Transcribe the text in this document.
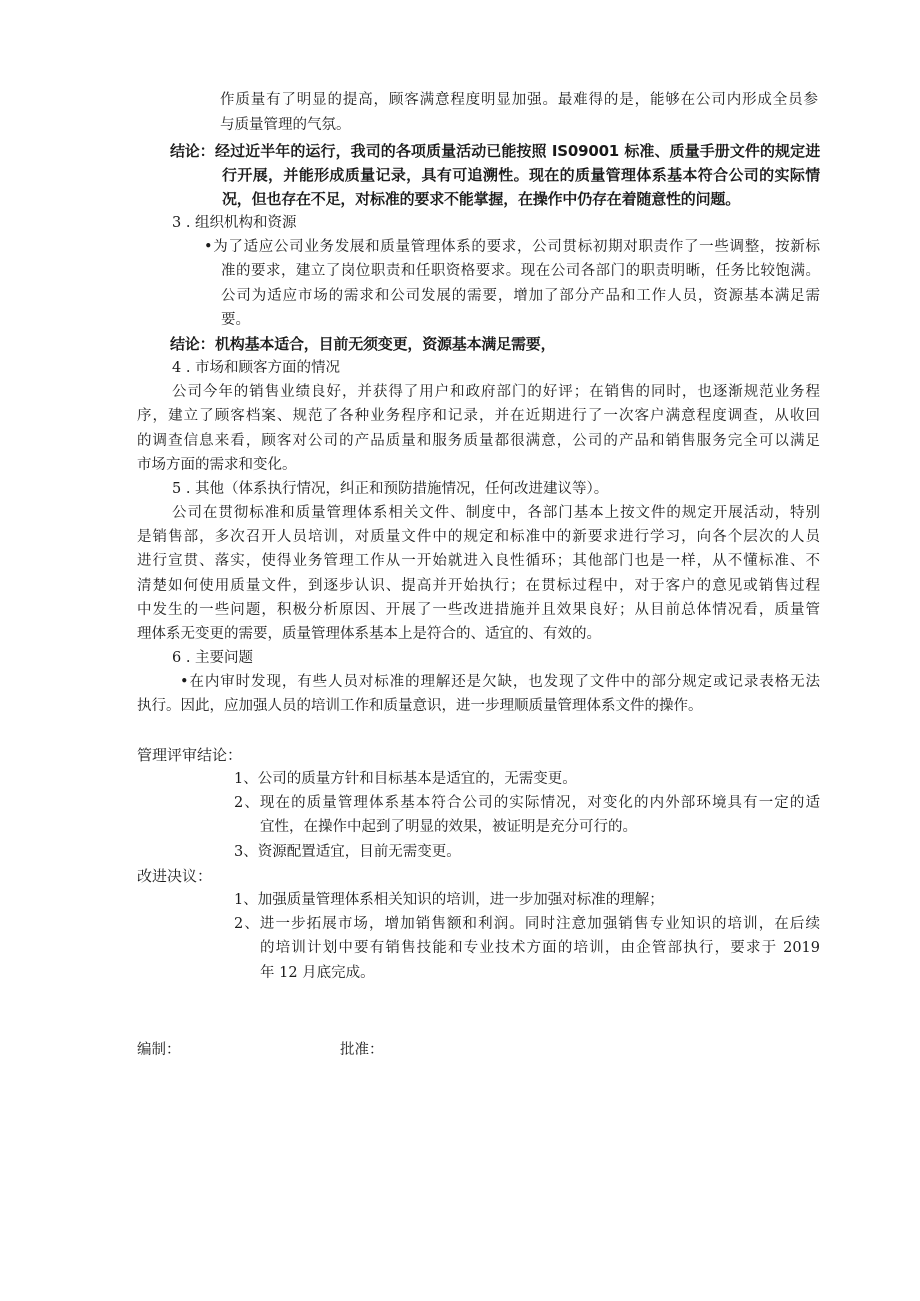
作质量有了明显的提高，顾客满意程度明显加强。最难得的是，能够在公司内形成全员参
与质量管理的气氛。
结论： 经过近半年的运行，我司的各项质量活动已能按照 IS09001 标准、质量手册文件的规定进
行开展，并能形成质量记录，具有可追溯性。现在的质量管理体系基本符合公司的实际情
况，但也存在不足，对标准的要求不能掌握，在操作中仍存在着随意性的问题。
3 . 组织机构和资源
•为了适应公司业务发展和质量管理体系的要求，公司贯标初期对职责作了一些调整，按新标
准的要求，建立了岗位职责和任职资格要求。现在公司各部门的职责明晰，任务比较饱满。
公司为适应市场的需求和公司发展的需要，增加了部分产品和工作人员，资源基本满足需
要。
结论： 机构基本适合，目前无须变更，资源基本满足需要，
4 . 市场和顾客方面的情况
公司今年的销售业绩良好，并获得了用户和政府部门的好评；在销售的同时，也逐渐规范业务程
序，建立了顾客档案、规范了各种业务程序和记录，并在近期进行了一次客户满意程度调查，从收回
的调查信息来看，顾客对公司的产品质量和服务质量都很满意，公司的产品和销售服务完全可以满足
市场方面的需求和变化。
5 . 其他（体系执行情况，纠正和预防措施情况，任何改进建议等）。
公司在贯彻标准和质量管理体系相关文件、制度中，各部门基本上按文件的规定开展活动，特别
是销售部，多次召开人员培训，对质量文件中的规定和标准中的新要求进行学习，向各个层次的人员
进行宣贯、落实，使得业务管理工作从一开始就进入良性循环；其他部门也是一样，从不懂标准、不
清楚如何使用质量文件，到逐步认识、提高并开始执行；在贯标过程中，对于客户的意见或销售过程
中发生的一些问题，积极分析原因、开展了一些改进措施并且效果良好；从目前总体情况看，质量管
理体系无变更的需要，质量管理体系基本上是符合的、适宜的、有效的。
6 . 主要问题
•在内审时发现，有些人员对标准的理解还是欠缺，也发现了文件中的部分规定或记录表格无法
执行。因此，应加强人员的培训工作和质量意识，进一步理顺质量管理体系文件的操作。
管理评审结论：
1、公司的质量方针和目标基本是适宜的，无需变更。
2、现在的质量管理体系基本符合公司的实际情况，对变化的内外部环境具有一定的适
宜性，在操作中起到了明显的效果，被证明是充分可行的。
3、资源配置适宜，目前无需变更。
改进决议：
1、加强质量管理体系相关知识的培训，进一步加强对标准的理解；
2、进一步拓展市场，增加销售额和利润。同时注意加强销售专业知识的培训，在后续
的培训计划中要有销售技能和专业技术方面的培训，由企管部执行，要求于 2019
年 12 月底完成。
编制：	批准：
